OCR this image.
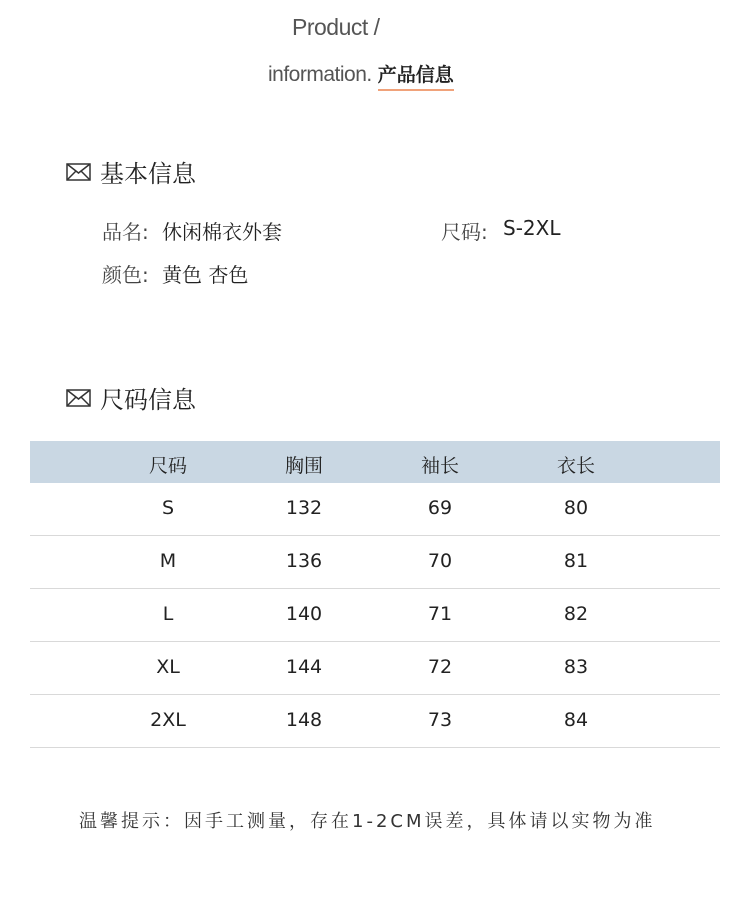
Product /
information. 产品信息
基本信息
品名: 休闲棉衣外套	尺码: S-2XL
颜色: 黄色 杏色
尺码信息
尺码	胸围	袖长	衣长
S	132	69	80
M	136	70	81
L	140	71	82
XL	144	72	83
2XL	148	73	84
温馨提示：因手工测量，存在1-2CM误差，具体请以实物为准
